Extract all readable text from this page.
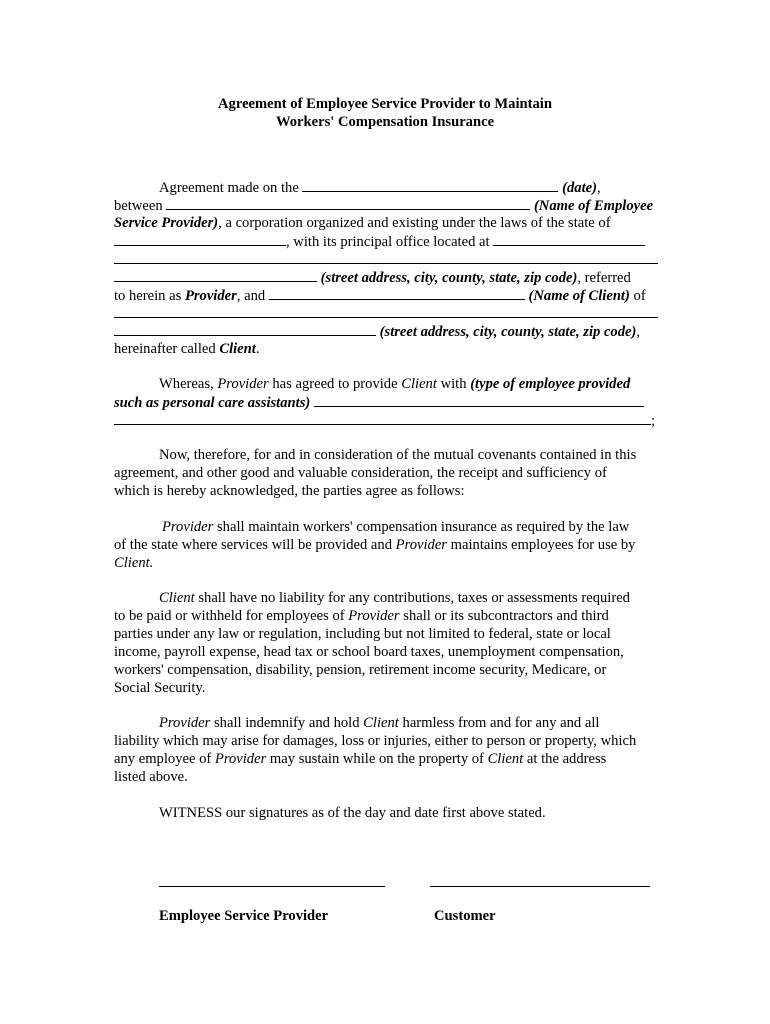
Agreement of Employee Service Provider to Maintain
Workers' Compensation Insurance
Agreement made on the	(date),
between	(Name of Employee
Service Provider), a corporation organized and existing under the laws of the state of
, with its principal office located at
(street address, city, county, state, zip code), referred
to herein as Provider, and	(Name of Client) of
(street address, city, county, state, zip code),
hereinafter called Client.
Whereas, Provider has agreed to provide Client with (type of employee provided
such as personal care assistants)
;
Now, therefore, for and in consideration of the mutual covenants contained in this
agreement, and other good and valuable consideration, the receipt and sufficiency of
which is hereby acknowledged, the parties agree as follows:
Provider shall maintain workers' compensation insurance as required by the law
of the state where services will be provided and Provider maintains employees for use by
Client.
Client shall have no liability for any contributions, taxes or assessments required
to be paid or withheld for employees of Provider shall or its subcontractors and third
parties under any law or regulation, including but not limited to federal, state or local
income, payroll expense, head tax or school board taxes, unemployment compensation,
workers' compensation, disability, pension, retirement income security, Medicare, or
Social Security.
Provider shall indemnify and hold Client harmless from and for any and all
liability which may arise for damages, loss or injuries, either to person or property, which
any employee of Provider may sustain while on the property of Client at the address
listed above.
WITNESS our signatures as of the day and date first above stated.
Employee Service Provider	Customer
